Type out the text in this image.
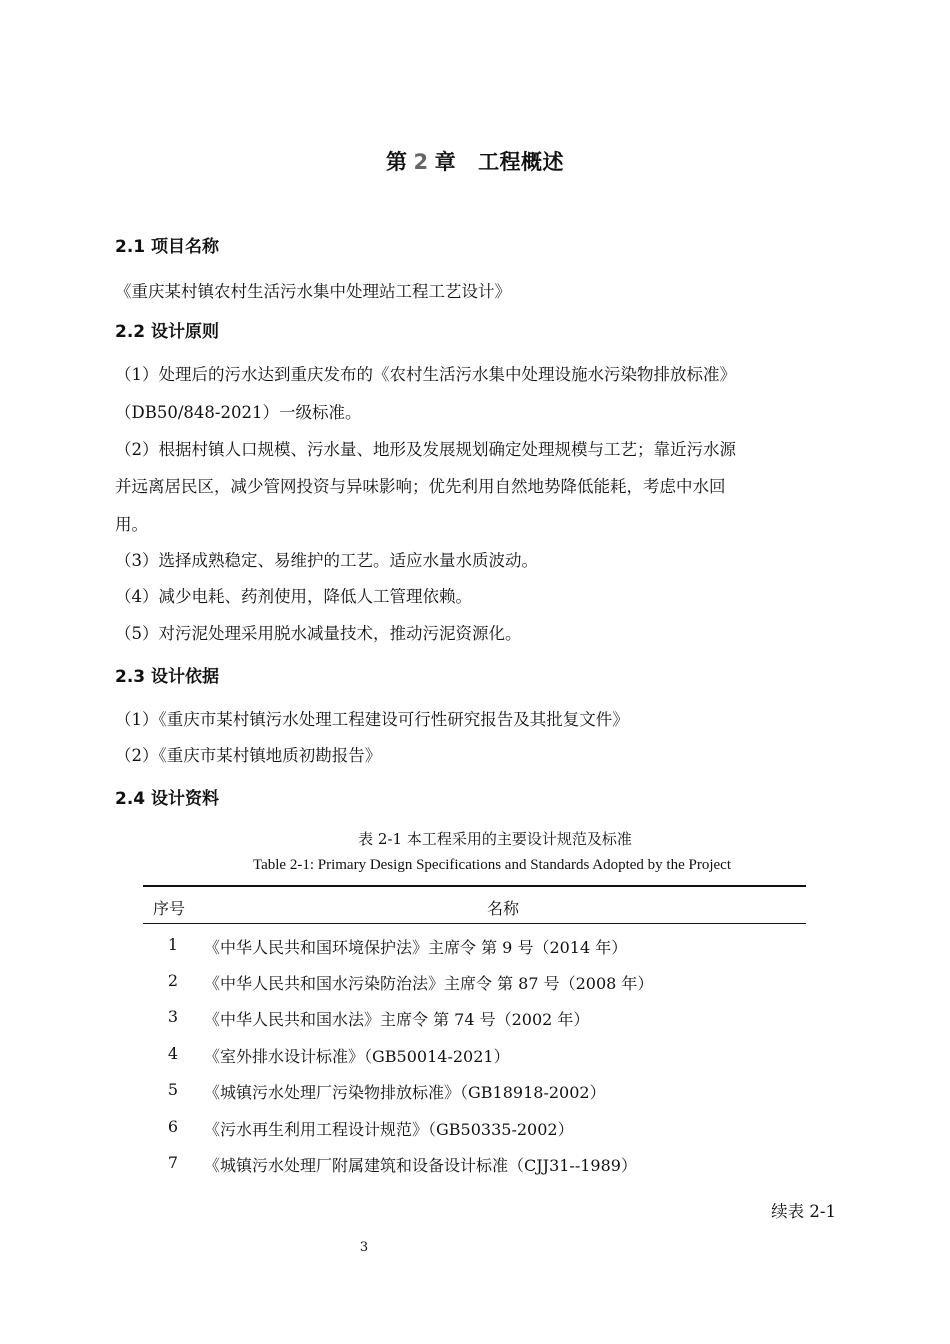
第 2 章 工程概述
2.1 项目名称
《重庆某村镇农村生活污水集中处理站工程工艺设计》
2.2 设计原则
（1）处理后的污水达到重庆发布的《农村生活污水集中处理设施水污染物排放标准》
（DB50/848-2021）一级标准。
（2）根据村镇人口规模、污水量、地形及发展规划确定处理规模与工艺；靠近污水源
并远离居民区，减少管网投资与异味影响；优先利用自然地势降低能耗，考虑中水回
用。
（3）选择成熟稳定、易维护的工艺。适应水量水质波动。
（4）减少电耗、药剂使用，降低人工管理依赖。
（5）对污泥处理采用脱水减量技术，推动污泥资源化。
2.3 设计依据
（1）《重庆市某村镇污水处理工程建设可行性研究报告及其批复文件》
（2）《重庆市某村镇地质初勘报告》
2.4 设计资料
表 2-1 本工程采用的主要设计规范及标准
Table 2-1: Primary Design Specifications and Standards Adopted by the Project
序号	名称
1	《中华人民共和国环境保护法》主席令 第 9 号（2014 年）
2	《中华人民共和国水污染防治法》主席令 第 87 号（2008 年）
3	《中华人民共和国水法》主席令 第 74 号（2002 年）
4	《室外排水设计标准》（GB50014-2021）
5	《城镇污水处理厂污染物排放标准》（GB18918-2002）
6	《污水再生利用工程设计规范》（GB50335-2002）
7	《城镇污水处理厂附属建筑和设备设计标准（CJJ31--1989）
续表 2-1
3
